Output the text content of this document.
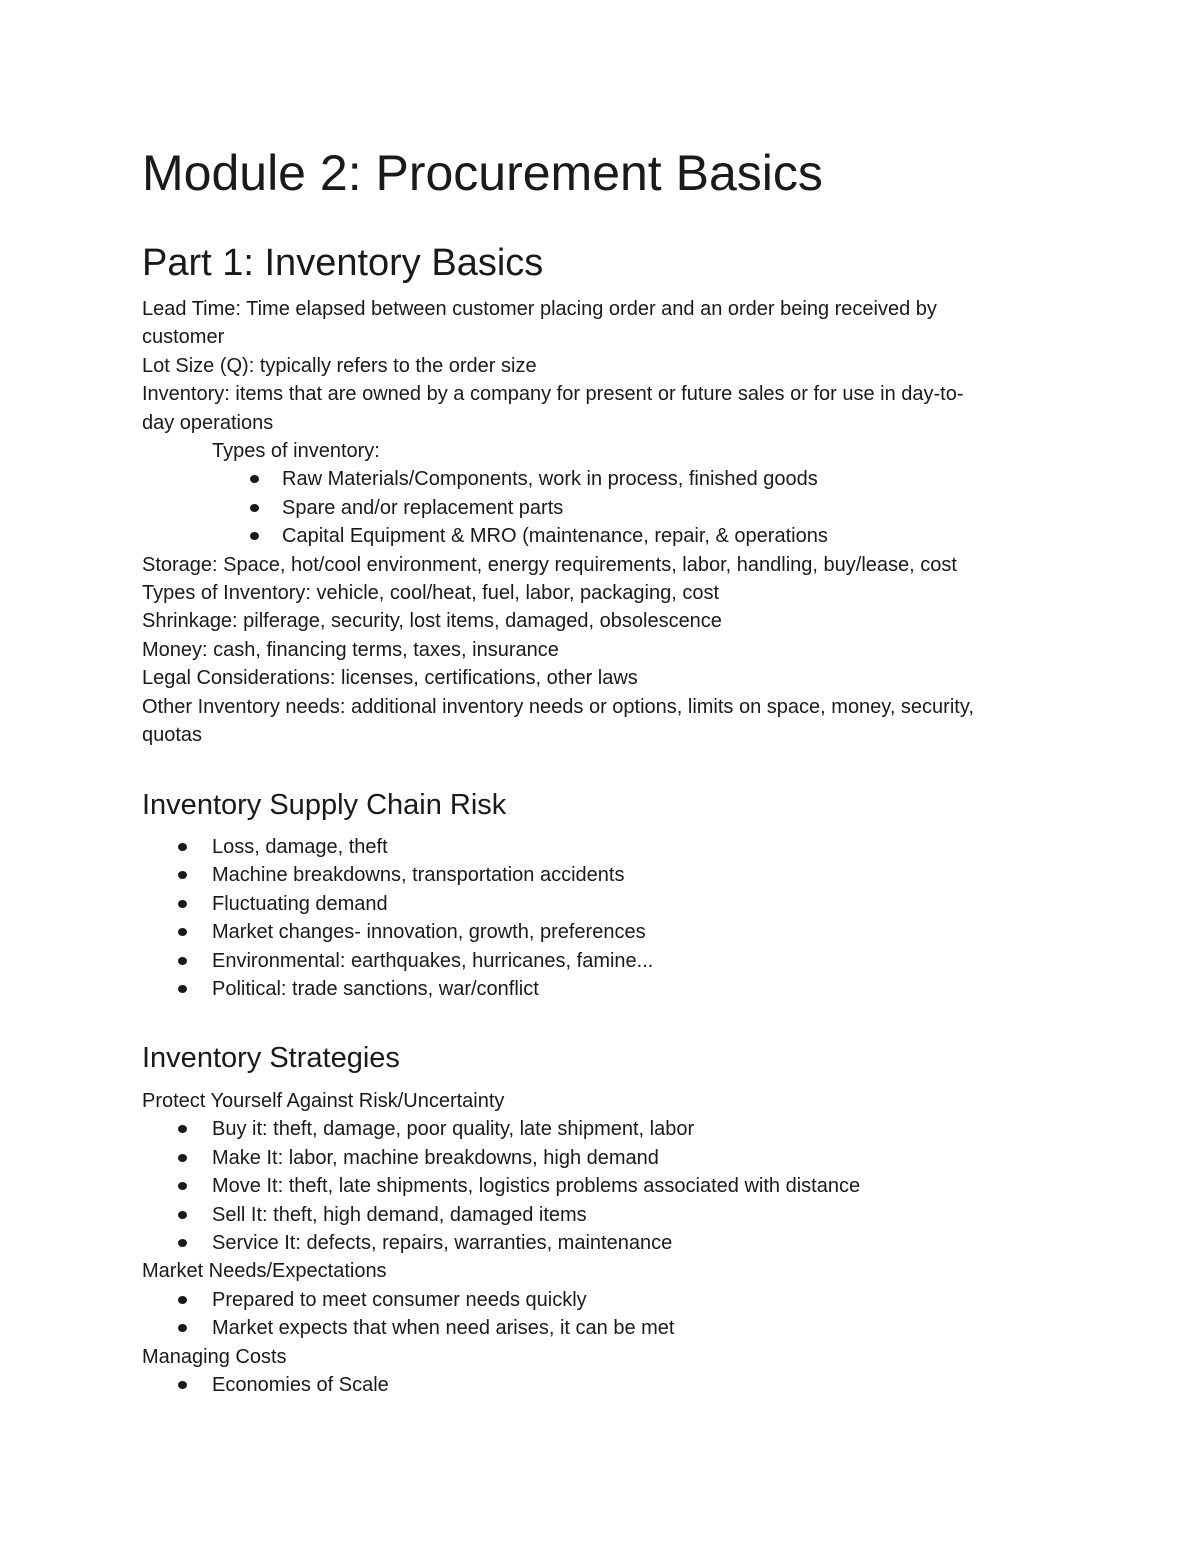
Module 2: Procurement Basics
Part 1: Inventory Basics

Lead Time: Time elapsed between customer placing order and an order being received by

customer

Lot Size (Q): typically refers to the order size

Inventory: items that are owned by a company for present or future sales or for use in day-to-

day operations

Types of inventory:

Raw Materials/Components, work in process, finished goods
Spare and/or replacement parts
Capital Equipment & MRO (maintenance, repair, & operations

Storage: Space, hot/cool environment, energy requirements, labor, handling, buy/lease, cost

Types of Inventory: vehicle, cool/heat, fuel, labor, packaging, cost

Shrinkage: pilferage, security, lost items, damaged, obsolescence

Money: cash, financing terms, taxes, insurance

Legal Considerations: licenses, certifications, other laws

Other Inventory needs: additional inventory needs or options, limits on space, money, security,

quotas

Inventory Supply Chain Risk
Loss, damage, theft
Machine breakdowns, transportation accidents
Fluctuating demand
Market changes- innovation, growth, preferences
Environmental: earthquakes, hurricanes, famine...
Political: trade sanctions, war/conflict
Inventory Strategies

Protect Yourself Against Risk/Uncertainty

Buy it: theft, damage, poor quality, late shipment, labor
Make It: labor, machine breakdowns, high demand
Move It: theft, late shipments, logistics problems associated with distance
Sell It: theft, high demand, damaged items
Service It: defects, repairs, warranties, maintenance

Market Needs/Expectations

Prepared to meet consumer needs quickly
Market expects that when need arises, it can be met

Managing Costs

Economies of Scale
